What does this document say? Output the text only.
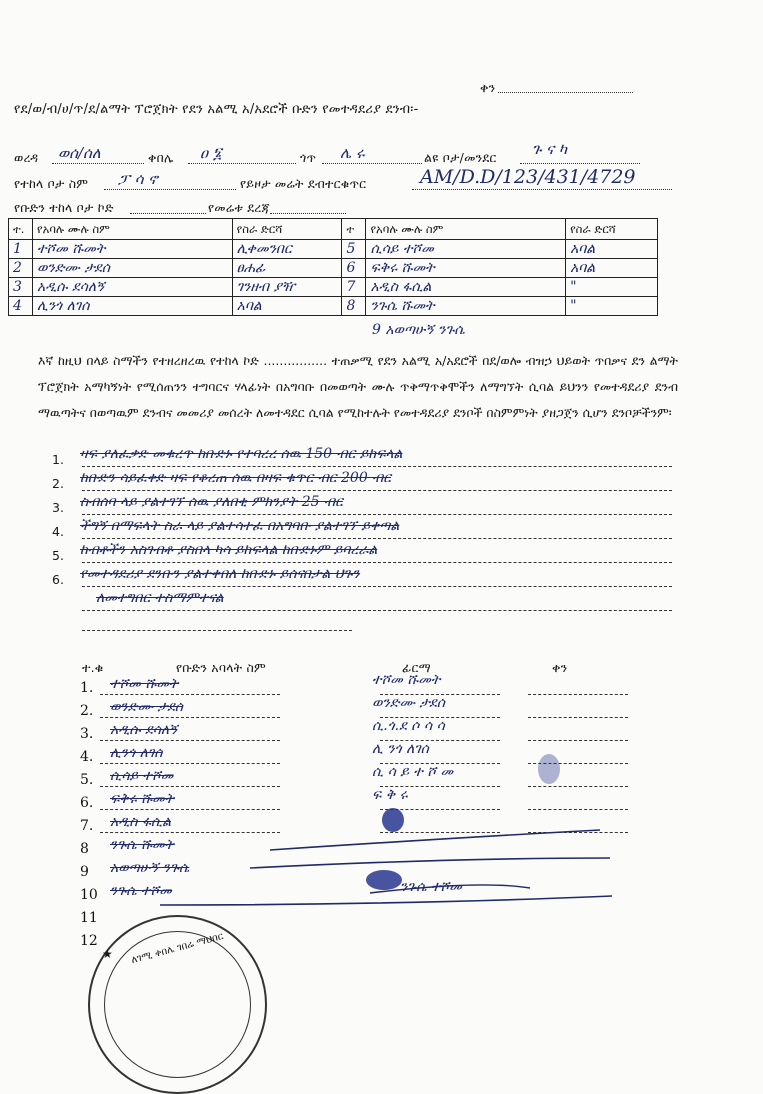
ቀን
የደ/ወ/ብ/ሀ/ጥ/ደ/ልማት ፕሮጀክት የደን አልሚ አ/አደሮች ቡድን የመተዳደሪያ ደንብ፡-
ወረዳ ወሰ/ሰለ	ቀበሌ ዐ ፮	ጎጥ ሌ ሩ	ልዩ ቦታ/መንደር ጉ ና ካ
የተከላ ቦታ ስም ፓ ሳ ኖ	የይዞታ መሬት ደብተርቁጥር	AM/D.D/123/431/4729
የቡድን ተከላ ቦታ ኮድ	የመሬቱ ደረጃ
ተ.	የአባሉ ሙሉ ስም	የስራ ድርሻ	ተ	የአባሉ ሙሉ ስም	የስራ ድርሻ
1	ተሾመ ሹመት	ሊቀመንበር	5	ሲሳይ ተሾመ	አባል
2	ወንድሙ ታደሰ	ፀሐፊ	6	ፍቅሩ ሹመት	አባል
3	አዲሱ ደሳለኝ	ገንዘብ ያዥ	7	አዲስ ፋሲል	"
4	ሊንጎ ለገሰ	አባል	8	ንጉሴ ሹመት	"
9 አወጣሁኝ ንጉሴ
እኛ ከዚህ በላይ ስማችን የተዘረዘረዉ የተከላ ኮድ ................ ተጠቃሚ የደን አልሚ አ/አደሮች በደ/ወሎ ብዝኃ ህይወት ጥበቃና ደን ልማት ፕሮጀክት አማካኝነት የሚሰጠንን ተግባርና ሃላፊነት በአግባቡ በመወጣት ሙሉ ጥቅማጥቅሞችን ለማግኘት ሲባል ይህንን የመተዳደሪያ ደንብ ማዉጣትና በወጣዉም ደንብና መመሪያ መሰረት ለመተዳደር ሲባል የሚከተሉት የመተዳደሪያ ደንቦች በስምምነት ያዘጋጀን ሲሆን ደንቦቻችንም፡
1. ዛፍ ያለፈቃድ መቁረጥ ከቡድኑ የተባረረ ሰዉ 150 ብር ይከፍላል
2. ከቡድን ሳይፈቀድ ዛፍ የቆረጠ ሰዉ በዛፍ ቁጥር ብር 200 ብር
3. ስብሰባ ላይ ያልተገኘ ሰዉ ያለበቂ ምክንያት 25 ብር
4. ችግኝ በማፍላት ስራ ላይ ያልተሳተፈ በአግባቡ ያልተገኘ ይቀጣል
5. ከብቶችን አስገብቶ ያስበላ ካሳ ይከፍላል ከቡድኑም ይባረራል
6. የመተዳደሪያ ደንቡን ያልተቀበለ ከቡድኑ ይሰናበታል ህጉን
ለመተግበር ተስማምተናል
ተ.ቁ	የቡድን አባላት ስም	ፊርማ	ቀን
1. ተሾመ ሹመት	ተሾመ ሹመት
2. ወንድሙ ታደሰ	ወንድሙ ታደሰ
3. አዲሱ ደሳለኝ	ሲ.ጎ.ደ ሶ ሳ ሳ
4. ሊንጎ ለገሰ	ሊ ንጎ ለገሰ
5. ሲሳይ ተሾመ	ሲ ሳ ይ ተ ሾ መ
6. ፍቅሩ ሹመት	ፍ ቅ ሩ
7. አዲስ ፋሲል
8 ንጉሴ ሹመት
9 አወጣሁኝ ንጉሴ
10 ንጉሴ ተሾመ	ንጉሴ ተሾመ
11
12	ለገሚ ቀበሌ ገበሬ ማህበር
★
